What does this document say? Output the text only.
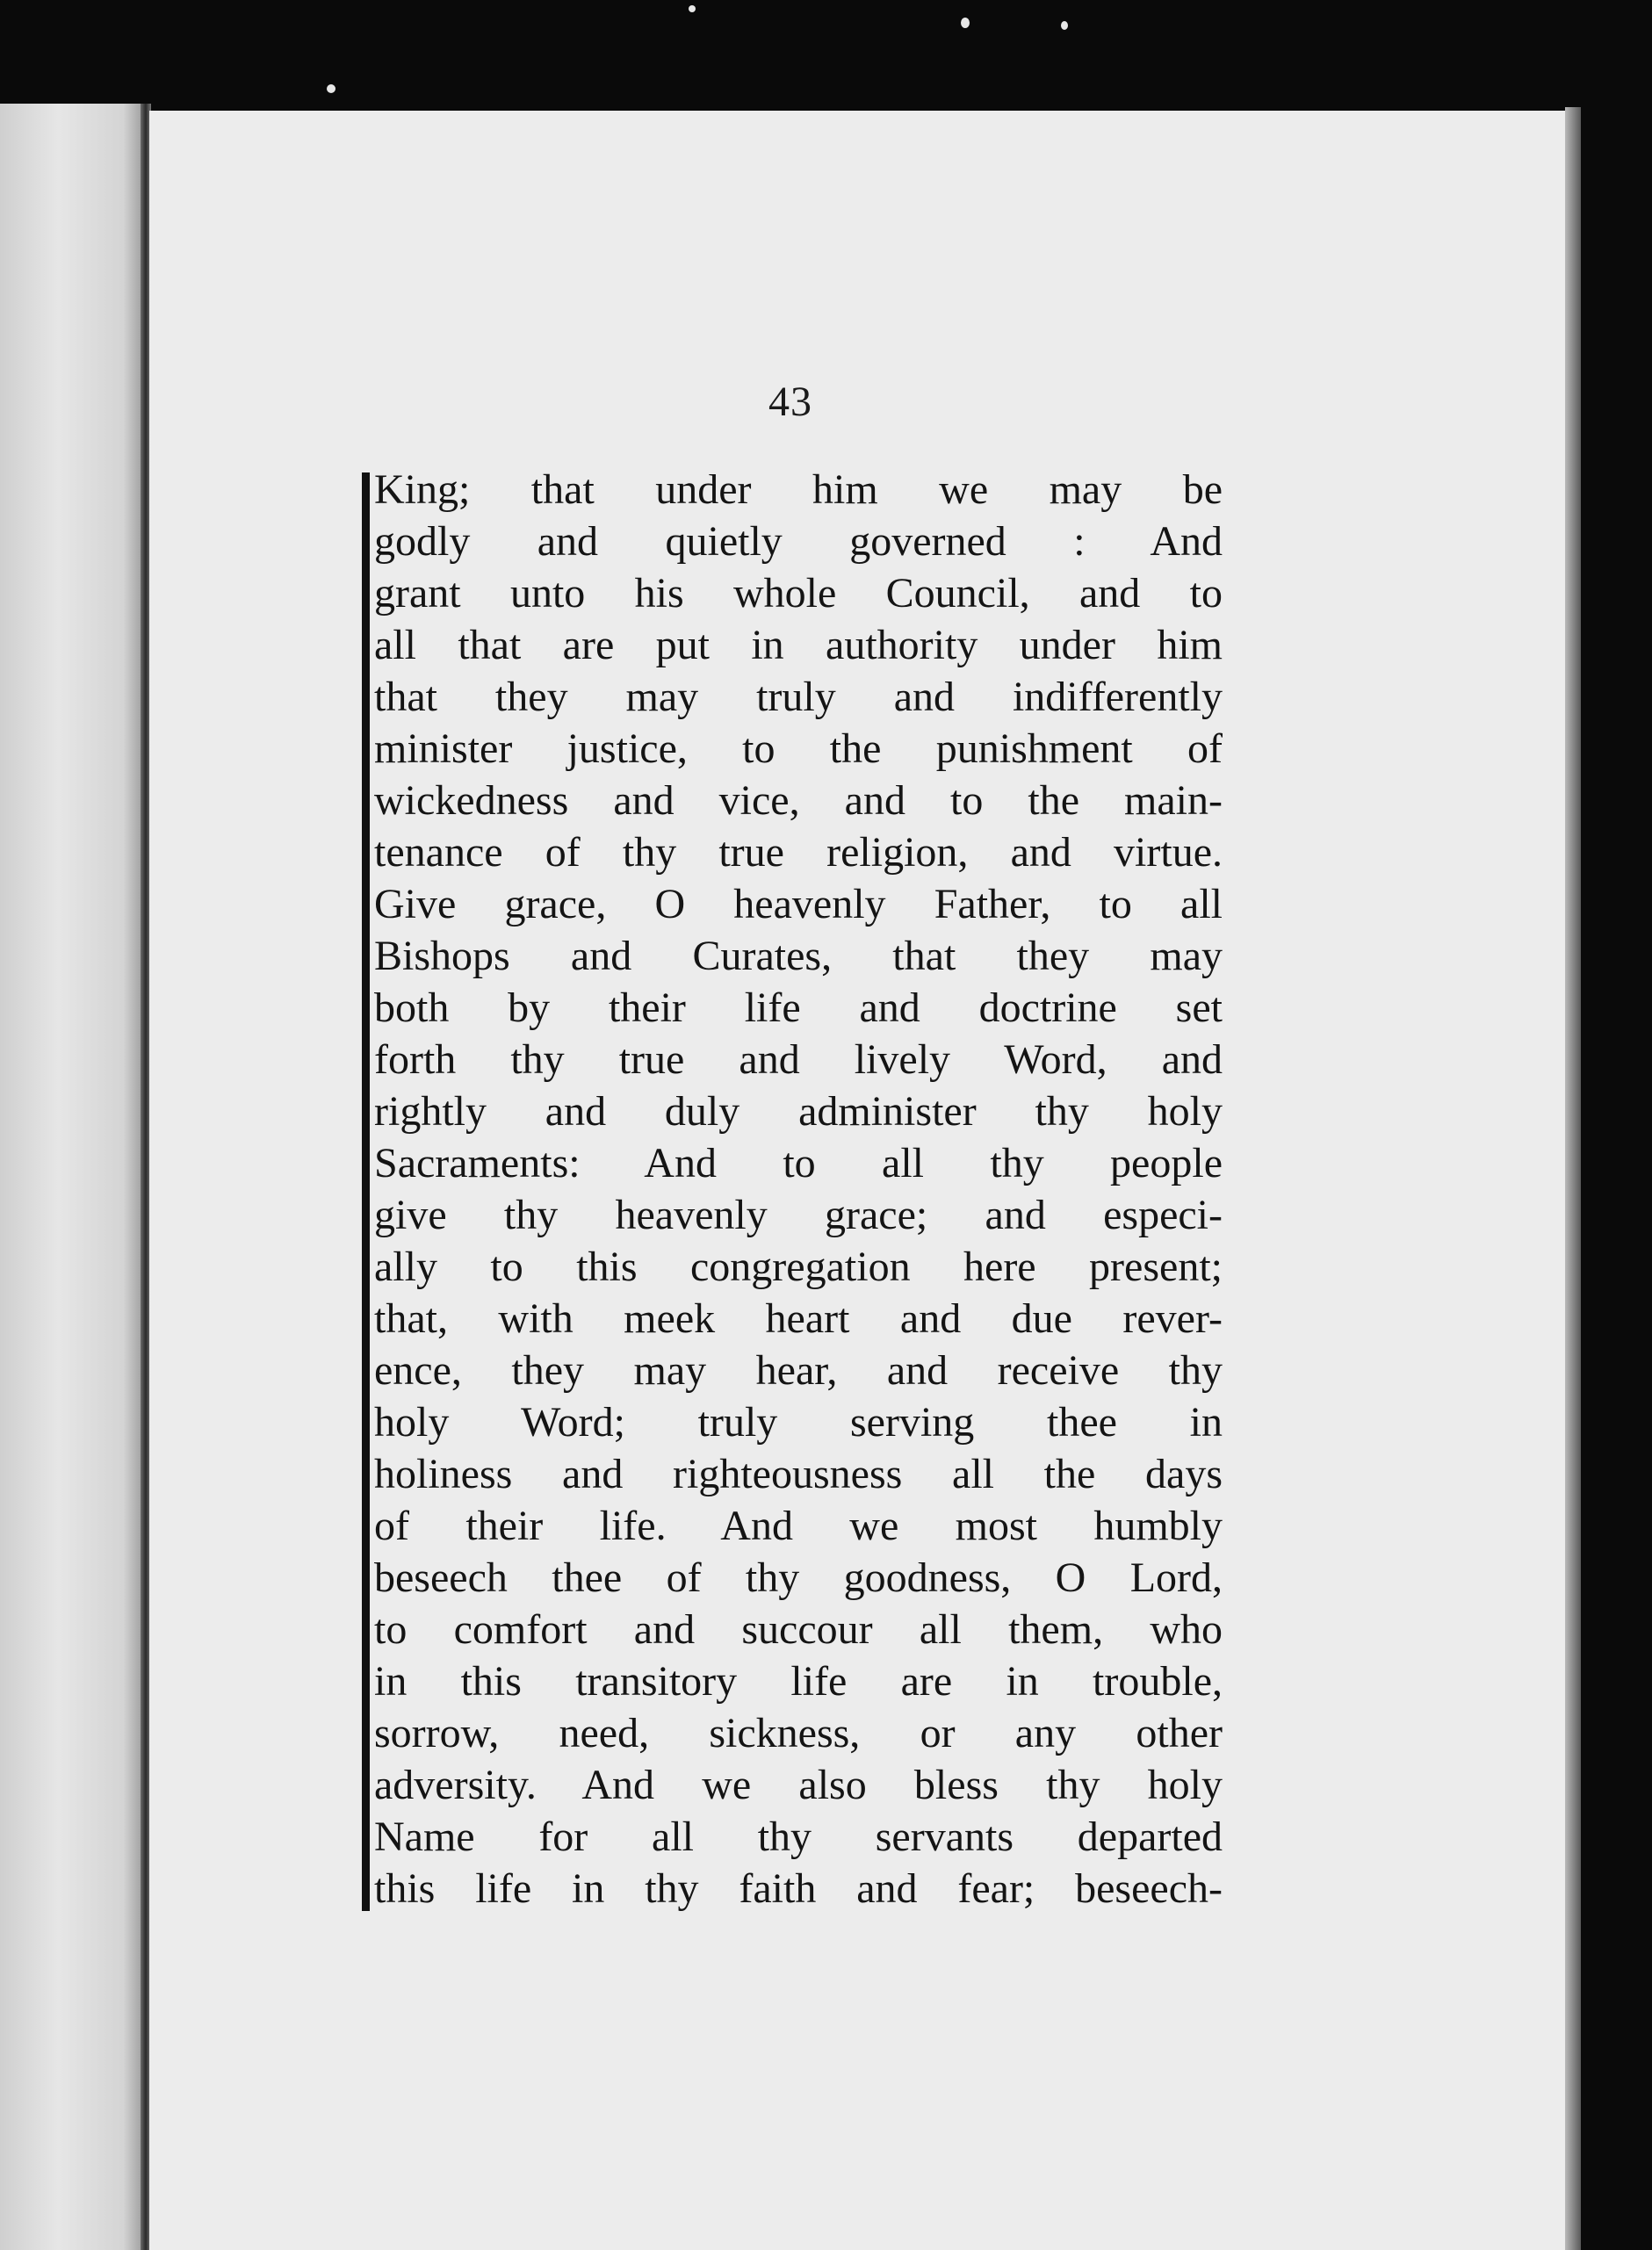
43
King; that under him we may be
godly and quietly governed : And
grant unto his whole Council, and to
all that are put in authority under him
that they may truly and indifferently
minister justice, to the punishment of
wickedness and vice, and to the main-
tenance of thy true religion, and virtue.
Give grace, O heavenly Father, to all
Bishops and Curates, that they may
both by their life and doctrine set
forth thy true and lively Word, and
rightly and duly administer thy holy
Sacraments: And to all thy people
give thy heavenly grace; and especi-
ally to this congregation here present;
that, with meek heart and due rever-
ence, they may hear, and receive thy
holy Word; truly serving thee in
holiness and righteousness all the days
of their life. And we most humbly
beseech thee of thy goodness, O Lord,
to comfort and succour all them, who
in this transitory life are in trouble,
sorrow, need, sickness, or any other
adversity. And we also bless thy holy
Name for all thy servants departed
this life in thy faith and fear; beseech-
